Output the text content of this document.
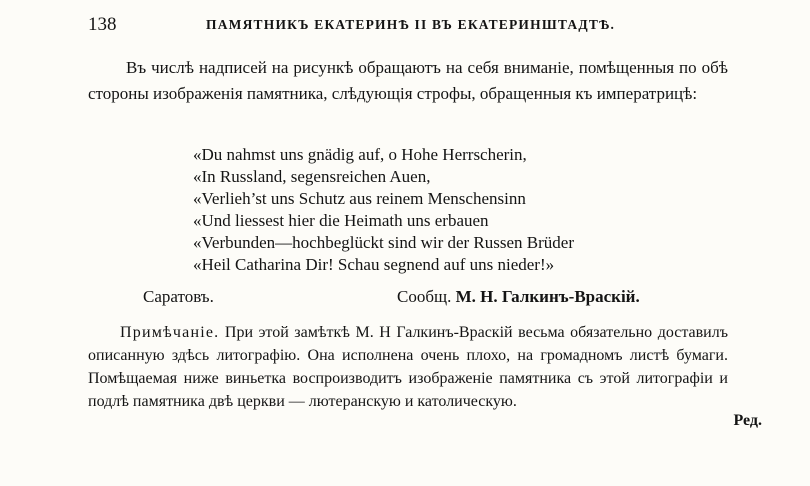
138	ПАМЯТНИКЪ ЕКАТЕРИНѢ II ВЪ ЕКАТЕРИНШТАДТѢ.

Въ числѣ надписей на рисункѣ обращаютъ на себя вниманіе, помѣщенныя по обѣ стороны изображенія памятника, слѣдующія строфы, обращенныя къ императрицѣ:

«Du nahmst uns gnädig auf, o Hohe Herrscherin,
«In Russland, segensreichen Auen,
«Verlieh’st uns Schutz aus reinem Menschensinn
«Und liessest hier die Heimath uns erbauen
«Verbunden—hochbeglückt sind wir der Russen Brüder
«Heil Catharina Dir! Schau segnend auf uns nieder!»
Саратовъ.	Сообщ. М. Н. Галкинъ-Враскій.

Примѣчаніе. При этой замѣткѣ М. Н Галкинъ-Враскій весьма обязательно доставилъ описанную здѣсь литографію. Она исполнена очень плохо, на громадномъ листѣ бумаги. Помѣщаемая ниже виньетка воспроизводитъ изображеніе памятника съ этой литографіи и подлѣ памятника двѣ церкви — лютеранскую и католическую.

Ред.
